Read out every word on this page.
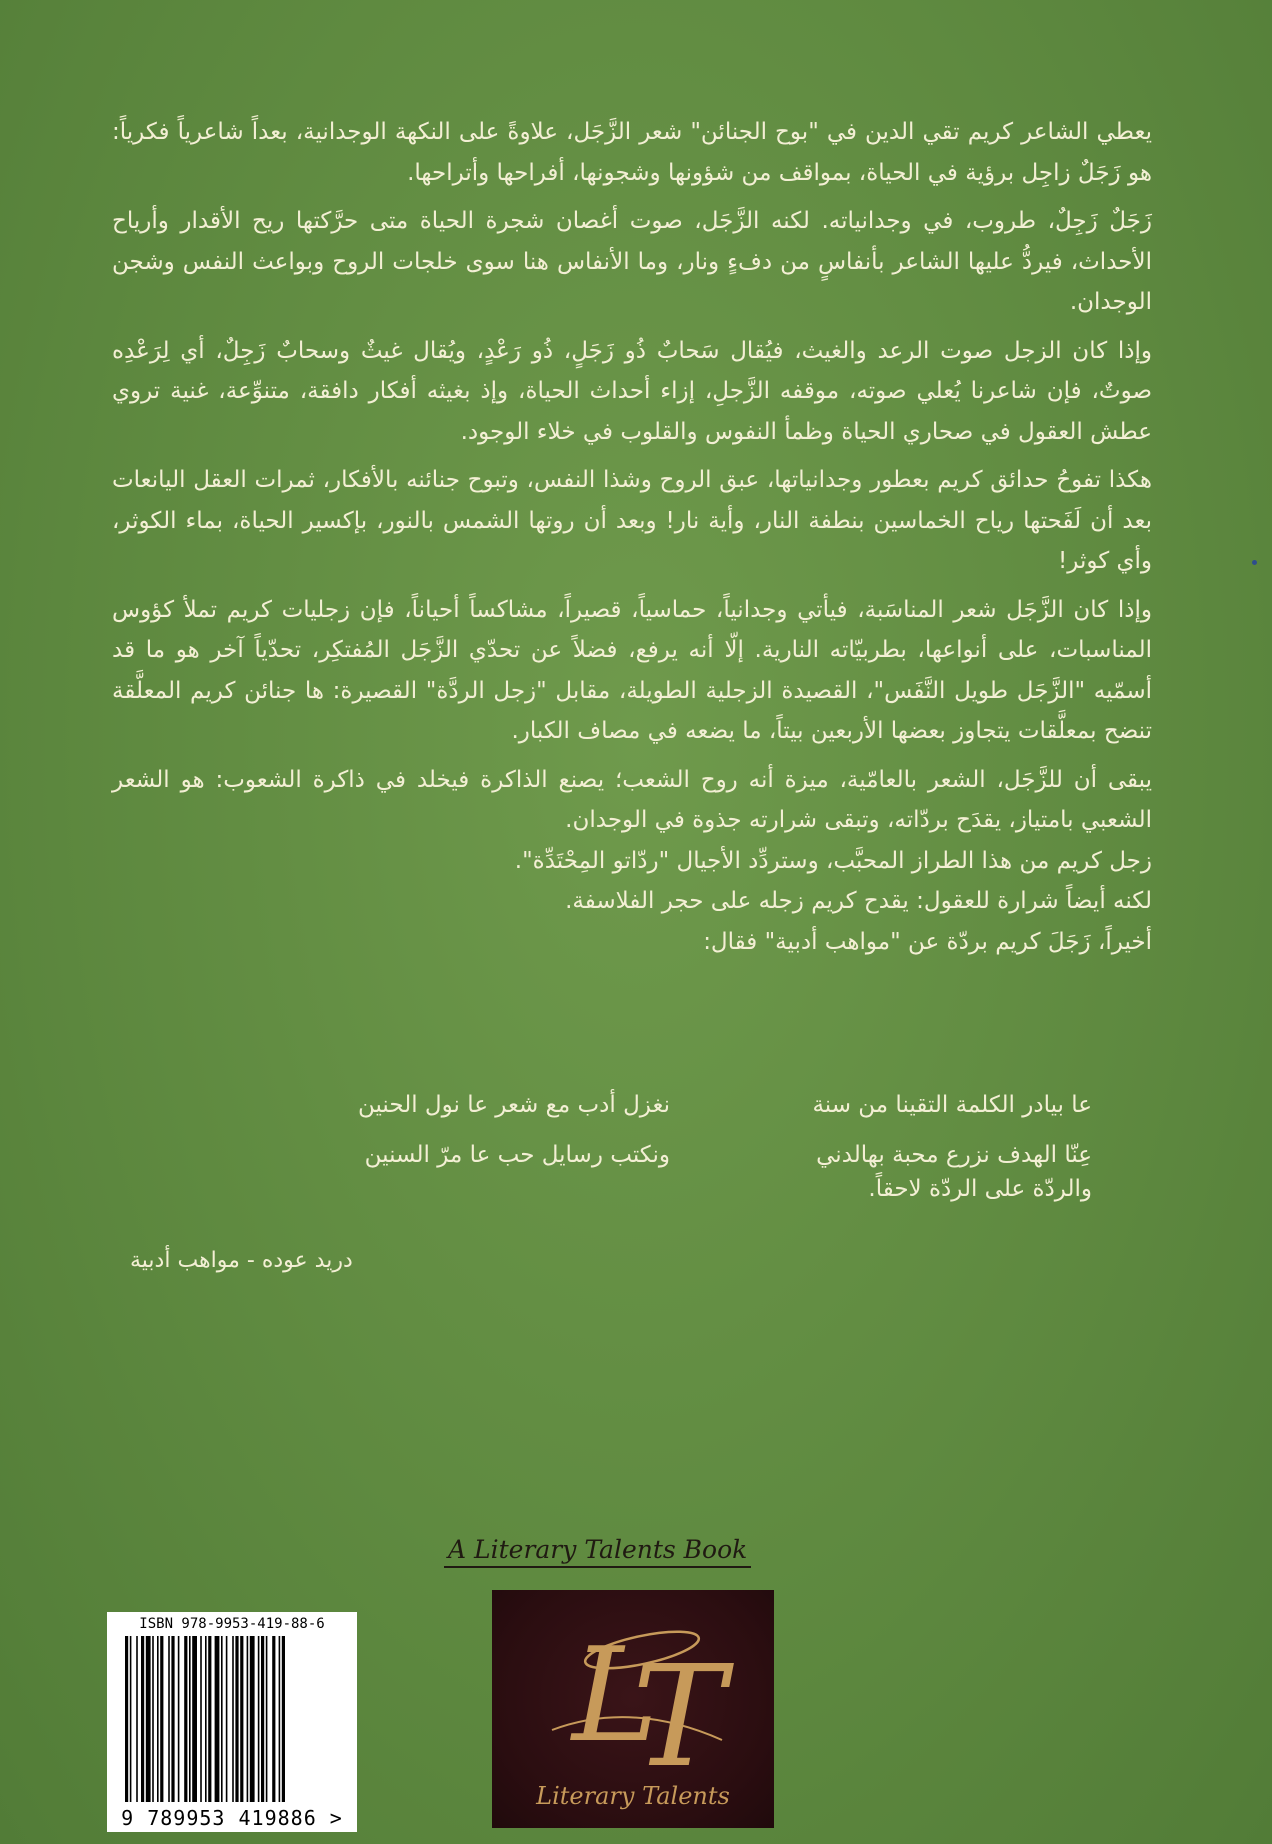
يعطي الشاعر كريم تقي الدين في "بوح الجنائن" شعر الزَّجَل، علاوةً على النكهة الوجدانية، بعداً شاعرياً فكرياً: هو زَجَلٌ زاجِل برؤية في الحياة، بمواقف من شؤونها وشجونها، أفراحها وأتراحها.

زَجَلٌ زَجِلٌ، طروب، في وجدانياته. لكنه الزَّجَل، صوت أغصان شجرة الحياة متى حرَّكتها ريح الأقدار وأرياح الأحداث، فيردُّ عليها الشاعر بأنفاسٍ من دفءٍ ونار، وما الأنفاس هنا سوى خلجات الروح وبواعث النفس وشجن الوجدان.

وإذا كان الزجل صوت الرعد والغيث، فيُقال سَحابٌ ذُو زَجَلٍ، ذُو رَعْدٍ، ويُقال غيثٌ وسحابٌ زَجِلٌ، أي لِرَعْدِه صوتٌ، فإن شاعرنا يُعلي صوته، موقفه الزَّجلِ، إزاء أحداث الحياة، وإذ بغيثه أفكار دافقة، متنوِّعة، غنية تروي عطش العقول في صحاري الحياة وظمأ النفوس والقلوب في خلاء الوجود.

هكذا تفوحُ حدائق كريم بعطور وجدانياتها، عبق الروح وشذا النفس، وتبوح جنائنه بالأفكار، ثمرات العقل اليانعات بعد أن لَفَحتها رياح الخماسين بنطفة النار، وأية نار! وبعد أن روتها الشمس بالنور، بإكسير الحياة، بماء الكوثر، وأي كوثر!

وإذا كان الزَّجَل شعر المناسَبة، فيأتي وجدانياً، حماسياً، قصيراً، مشاكساً أحياناً، فإن زجليات كريم تملأ كؤوس المناسبات، على أنواعها، بطربيّاته النارية. إلّا أنه يرفع، فضلاً عن تحدّي الزَّجَل المُفتكِر، تحدّياً آخر هو ما قد أسمّيه "الزَّجَل طويل النَّفَس"، القصيدة الزجلية الطويلة، مقابل "زجل الردَّة" القصيرة: ها جنائن كريم المعلَّقة تنضح بمعلَّقات يتجاوز بعضها الأربعين بيتاً، ما يضعه في مصاف الكبار.

يبقى أن للزَّجَل، الشعر بالعامّية، ميزة أنه روح الشعب؛ يصنع الذاكرة فيخلد في ذاكرة الشعوب: هو الشعر الشعبي بامتياز، يقدَح بردّاته، وتبقى شرارته جذوة في الوجدان.

زجل كريم من هذا الطراز المحبَّب، وستردِّد الأجيال "ردّاتو المِحْتَدِّة".

لكنه أيضاً شرارة للعقول: يقدح كريم زجله على حجر الفلاسفة.

أخيراً، زَجَلَ كريم بردّة عن "مواهب أدبية" فقال:

عا بيادر الكلمة التقينا من سنة
عِنّا الهدف نزرع محبة بهالدني
نغزل أدب مع شعر عا نول الحنين
ونكتب رسايل حب عا مرّ السنين
والردّة على الردّة لاحقاً.
دريد عوده - مواهب أدبية
A Literary Talents Book
L
T
Literary Talents
ISBN 978-9953-419-88-6
9 789953 419886 >
